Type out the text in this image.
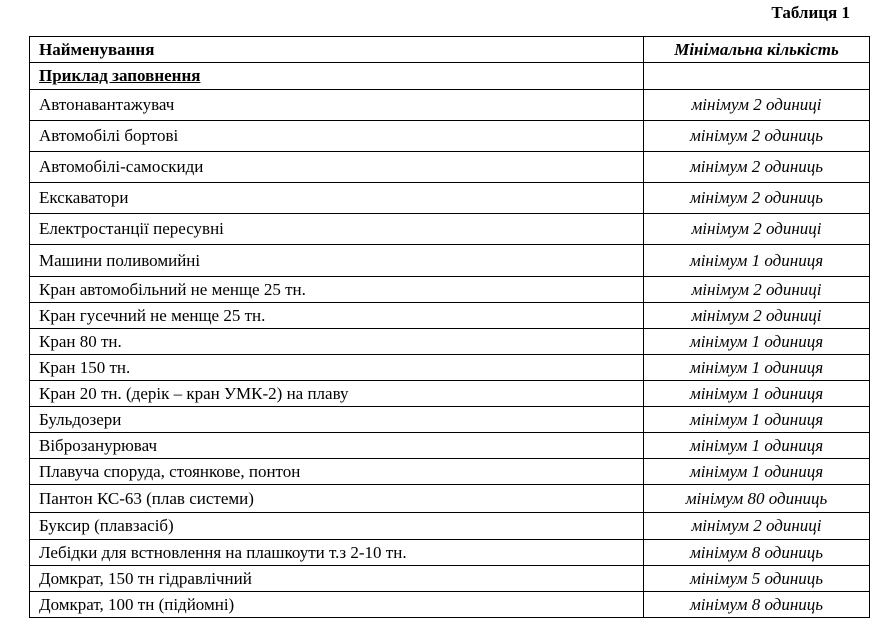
Таблиця 1
Найменування	Мінімальна кількість
Приклад заповнення	
Автонавантажувач	мінімум 2 одиниці
Автомобілі бортові	мінімум 2 одиниць
Автомобілі-самоскиди	мінімум 2 одиниць
Екскаватори	мінімум 2 одиниць
Електростанції пересувні	мінімум 2 одиниці
Машини поливомийні	мінімум 1 одиниця
Кран автомобільний не менще 25 тн.	мінімум 2 одиниці
Кран гусечний не менще 25 тн.	мінімум 2 одиниці
Кран 80 тн.	мінімум 1 одиниця
Кран 150 тн.	мінімум 1 одиниця
Кран 20 тн. (дерік – кран УМК-2) на плаву	мінімум 1 одиниця
Бульдозери	мінімум 1 одиниця
Віброзанурювач	мінімум 1 одиниця
Плавуча споруда, стоянкове, понтон	мінімум 1 одиниця
Пантон КС-63 (плав системи)	мінімум 80 одиниць
Буксир (плавзасіб)	мінімум 2 одиниці
Лебідки для встновлення на плашкоути т.з 2-10 тн.	мінімум 8 одиниць
Домкрат, 150 тн гідравлічний	мінімум 5 одиниць
Домкрат, 100 тн (підйомні)	мінімум 8 одиниць
